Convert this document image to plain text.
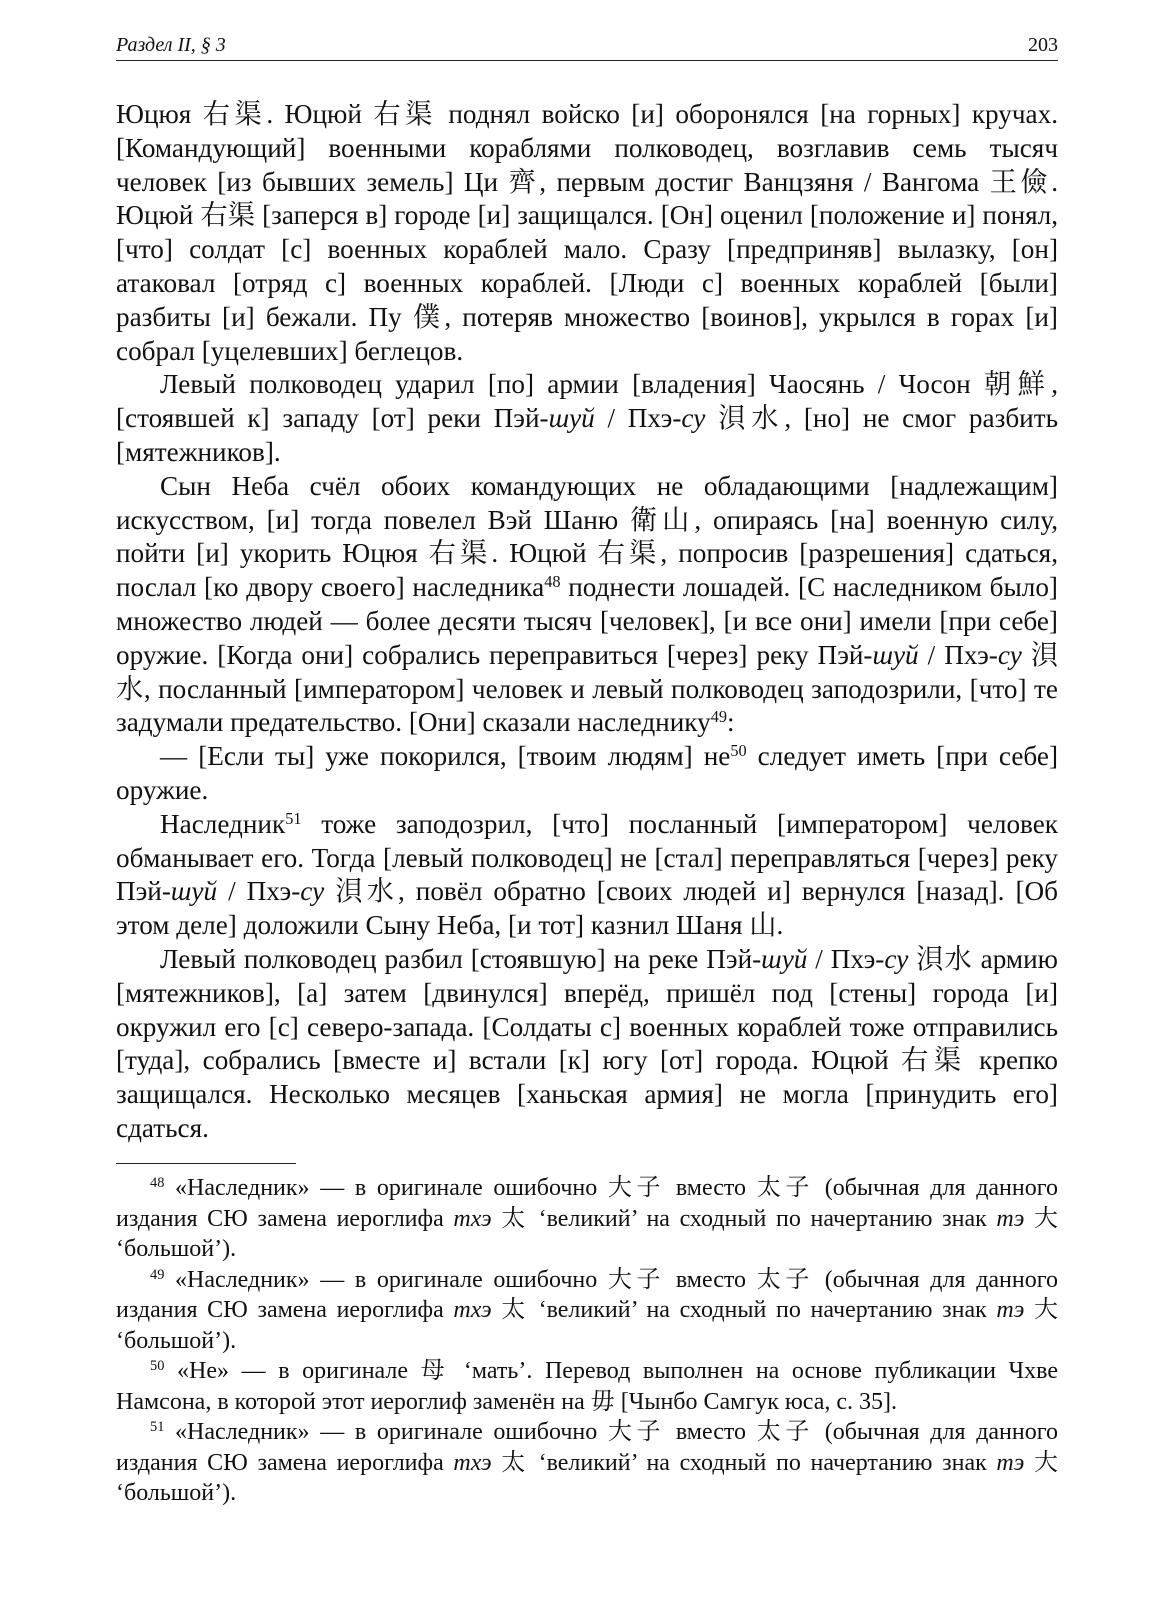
Раздел II, § 3	203

Юцюя 右渠. Юцюй 右渠 поднял войско [и] оборонялся [на горных] кручах. [Командующий] военными кораблями полководец, возглавив семь тысяч человек [из бывших земель] Ци 齊, первым достиг Ванцзяня / Вангома 王儉. Юцюй 右渠 [заперся в] городе [и] защищался. [Он] оценил [положение и] понял, [что] солдат [с] военных кораблей мало. Сразу [предприняв] вылазку, [он] атаковал [отряд с] военных кораблей. [Люди с] военных кораблей [были] разбиты [и] бежали. Пу 僕, потеряв множество [воинов], укрылся в горах [и] собрал [уцелевших] беглецов.

Левый полководец ударил [по] армии [владения] Чаосянь / Чосон 朝鮮, [стоявшей к] западу [от] реки Пэй-шуй / Пхэ-су 浿水, [но] не смог разбить [мятежников].

Сын Неба счёл обоих командующих не обладающими [надлежащим] искусством, [и] тогда повелел Вэй Шаню 衛山, опираясь [на] военную силу, пойти [и] укорить Юцюя 右渠. Юцюй 右渠, попросив [разрешения] сдаться, послал [ко двору своего] наследника$^{48}$ поднести лошадей. [С наследником было] множество людей — более десяти тысяч [человек], [и все они] имели [при себе] оружие. [Когда они] собрались переправиться [через] реку Пэй-шуй / Пхэ-су 浿水, посланный [императором] человек и левый полководец заподозрили, [что] те задумали предательство. [Они] сказали наследнику$^{49}$:

— [Если ты] уже покорился, [твоим людям] $не^{50}$ следует иметь [при себе] оружие.

Наследник$^{51}$ тоже заподозрил, [что] посланный [императором] человек обманывает его. Тогда [левый полководец] не [стал] переправляться [через] реку Пэй-шуй / Пхэ-су 浿水, повёл обратно [своих людей и] вернулся [назад]. [Об этом деле] доложили Сыну Неба, [и тот] казнил Шаня 山.

Левый полководец разбил [стоявшую] на реке Пэй-шуй / Пхэ-су 浿水 армию [мятежников], [а] затем [двинулся] вперёд, пришёл под [стены] города [и] окружил его [с] северо-запада. [Солдаты с] военных кораблей тоже отправились [туда], собрались [вместе и] встали [к] югу [от] города. Юцюй 右渠 крепко защищался. Несколько месяцев [ханьская армия] не могла [принудить его] сдаться.

$^{48}$ «Наследник» — в оригинале ошибочно 大子 вместо 太子 (обычная для данного издания СЮ замена иероглифа тхэ 太 ‘великий’ на сходный по начертанию знак тэ 大 ‘большой’).

$^{49}$ «Наследник» — в оригинале ошибочно 大子 вместо 太子 (обычная для данного издания СЮ замена иероглифа тхэ 太 ‘великий’ на сходный по начертанию знак тэ 大 ‘большой’).

$^{50}$ «Не» — в оригинале 母 ‘мать’. Перевод выполнен на основе публикации Чхве Намсона, в которой этот иероглиф заменён на 毋 [Чынбо Самгук юса, с. 35].

$^{51}$ «Наследник» — в оригинале ошибочно 大子 вместо 太子 (обычная для данного издания СЮ замена иероглифа тхэ 太 ‘великий’ на сходный по начертанию знак тэ 大 ‘большой’).
